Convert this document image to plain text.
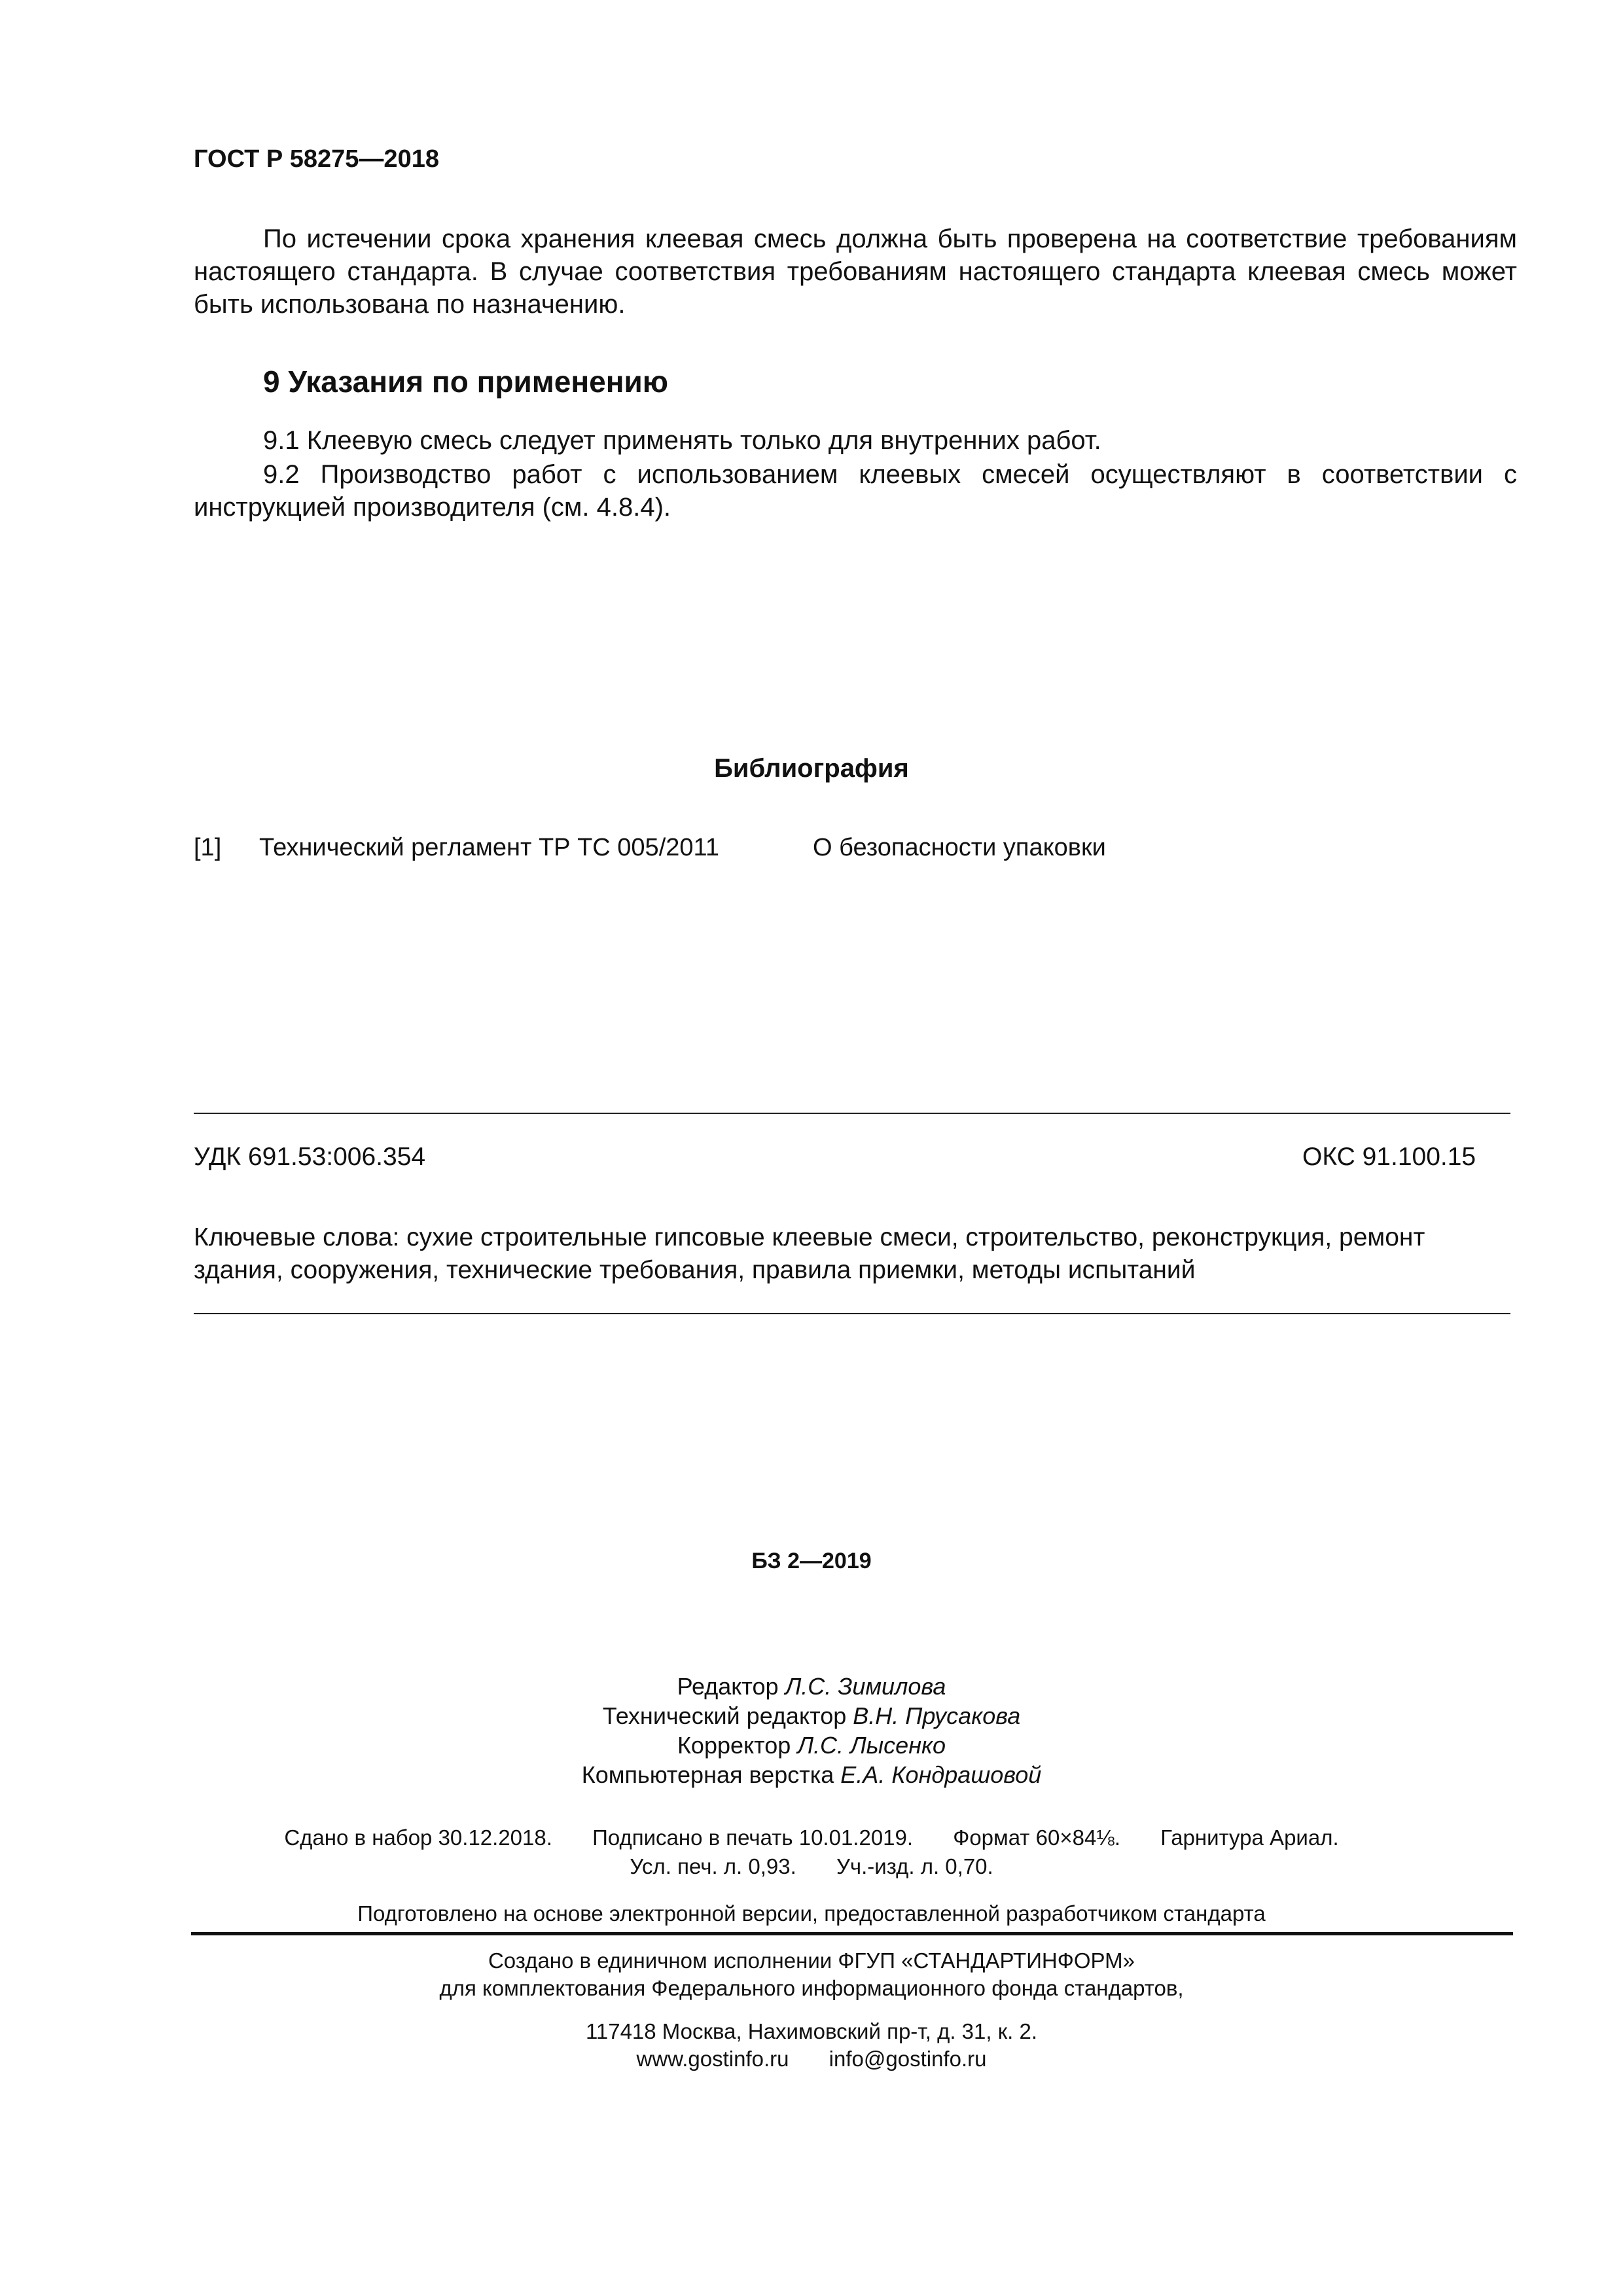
ГОСТ Р 58275—2018
По истечении срока хранения клеевая смесь должна быть проверена на соответствие требованиям настоящего стандарта. В случае соответствия требованиям настоящего стандарта клеевая смесь может быть использована по назначению.
9 Указания по применению
9.1 Клеевую смесь следует применять только для внутренних работ.
9.2 Производство работ с использованием клеевых смесей осуществляют в соответствии с инструкцией производителя (см. 4.8.4).
Библиография
[1] Технический регламент ТР ТС 005/2011	О безопасности упаковки
УДК 691.53:006.354	ОКС 91.100.15
Ключевые слова: сухие строительные гипсовые клеевые смеси, строительство, реконструкция, ремонт здания, сооружения, технические требования, правила приемки, методы испытаний
БЗ 2—2019
Редактор Л.С. Зимилова
Технический редактор В.Н. Прусакова
Корректор Л.С. Лысенко
Компьютерная верстка Е.А. Кондрашовой
Сдано в набор 30.12.2018. Подписано в печать 10.01.2019. Формат 60×84⅛. Гарнитура Ариал.
Усл. печ. л. 0,93. Уч.-изд. л. 0,70.
Подготовлено на основе электронной версии, предоставленной разработчиком стандарта
Создано в единичном исполнении ФГУП «СТАНДАРТИНФОРМ»
для комплектования Федерального информационного фонда стандартов,
117418 Москва, Нахимовский пр-т, д. 31, к. 2.
www.gostinfo.ru info@gostinfo.ru
